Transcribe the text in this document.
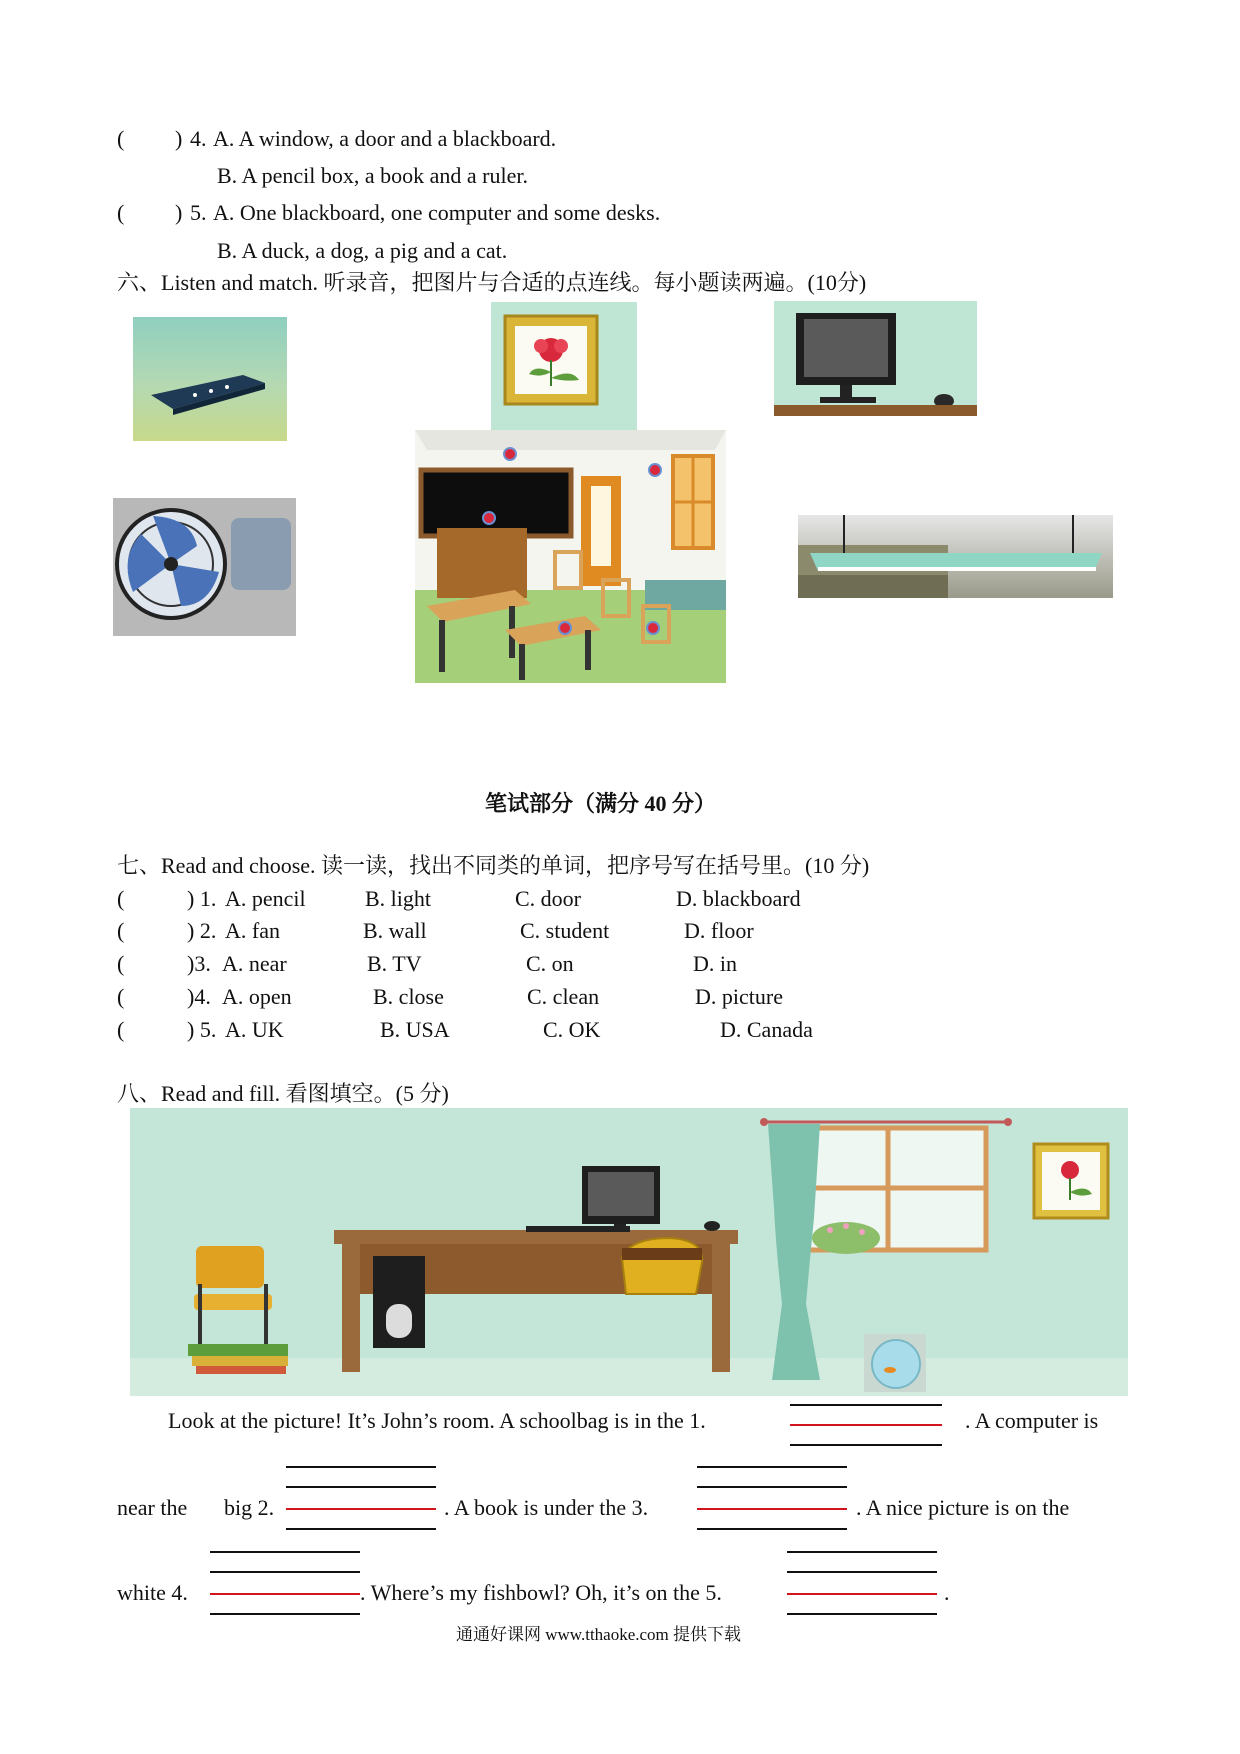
( ) 4. A. A window, a door and a blackboard.
B. A pencil box, a book and a ruler.
( ) 5. A. One blackboard, one computer and some desks.
B. A duck, a dog, a pig and a cat.
六、Listen and match. 听录音，把图片与合适的点连线。每小题读两遍。(10分)
笔试部分（满分 40 分）
七、Read and choose. 读一读，找出不同类的单词，把序号写在括号里。(10 分)
(	) 1. A. pencil	B. light	C. door	D. blackboard
(	) 2. A. fan	B. wall	C. student	D. floor
(	)3. A. near	B. TV	C. on	D. in
(	)4. A. open	B. close	C. clean	D. picture
(	) 5. A. UK	B. USA	C. OK	D. Canada
八、Read and fill. 看图填空。(5 分)
Look at the picture! It’s John’s room. A schoolbag is in the 1.	. A computer is
near the big 2.	. A book is under the 3.	. A nice picture is on the
white 4.	. Where’s my fishbowl? Oh, it’s on the 5.	.
通通好课网 www.tthaoke.com 提供下载
